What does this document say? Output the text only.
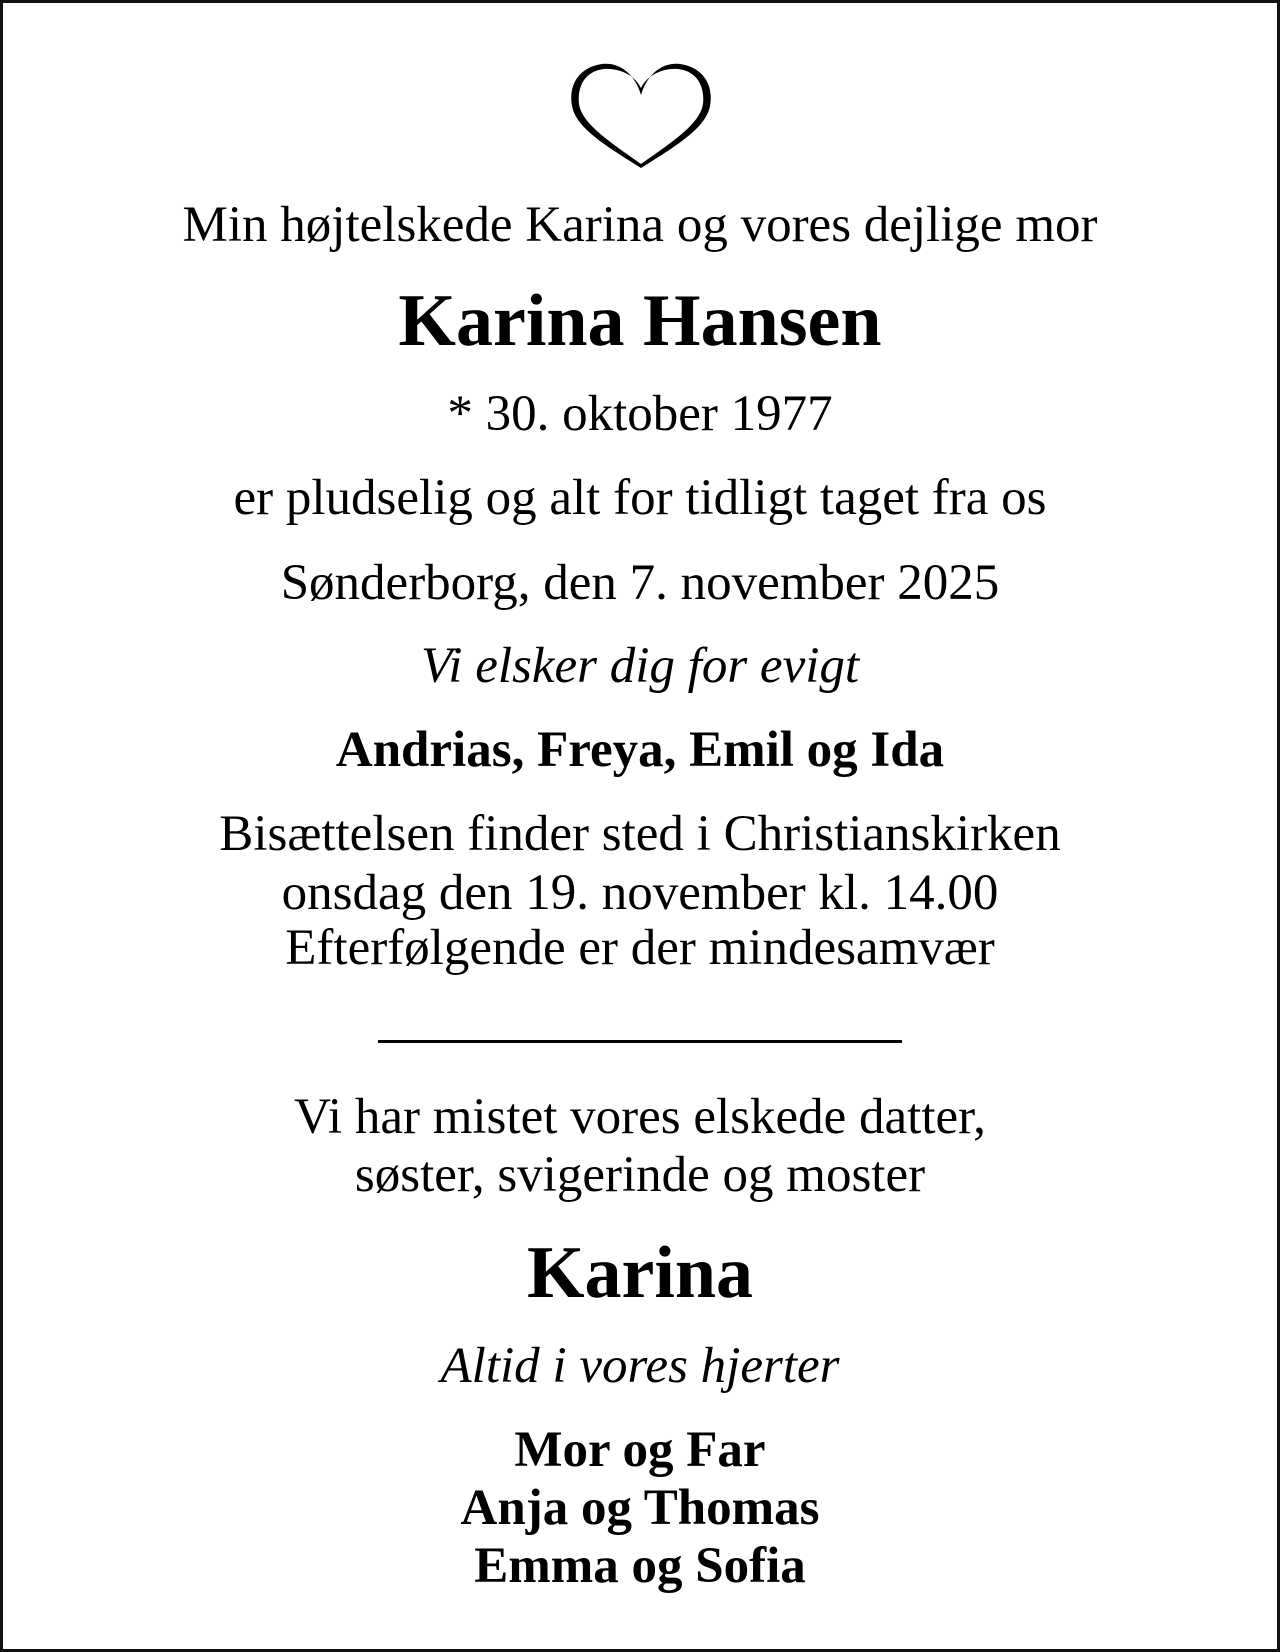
Min højtelskede Karina og vores dejlige mor
Karina Hansen
* 30. oktober 1977
er pludselig og alt for tidligt taget fra os
Sønderborg, den 7. november 2025
Vi elsker dig for evigt
Andrias, Freya, Emil og Ida
Bisættelsen finder sted i Christianskirken
onsdag den 19. november kl. 14.00
Efterfølgende er der mindesamvær
Vi har mistet vores elskede datter,
søster, svigerinde og moster
Karina
Altid i vores hjerter
Mor og Far
Anja og Thomas
Emma og Sofia
